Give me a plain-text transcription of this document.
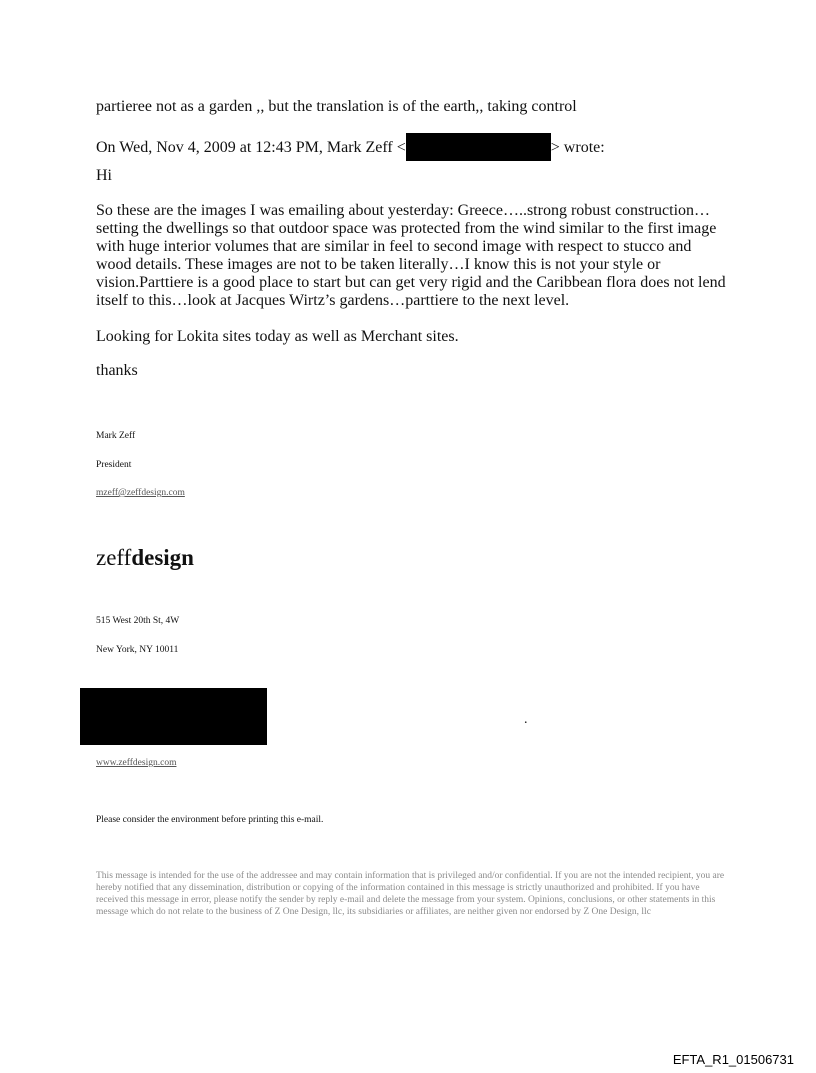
partieree not as a garden ,, but the translation is of the earth,, taking control
On Wed, Nov 4, 2009 at 12:43 PM, Mark Zeff <	> wrote:
Hi
So these are the images I was emailing about yesterday: Greece…..strong robust construction…setting the dwellings so that outdoor space was protected from the wind similar to the first image with huge interior volumes that are similar in feel to second image with respect to stucco and wood details. These images are not to be taken literally…I know this is not your style or vision.Parttiere is a good place to start but can get very rigid and the Caribbean flora does not lend itself to this…look at Jacques Wirtz’s gardens…parttiere to the next level.
Looking for Lokita sites today as well as Merchant sites.
thanks
Mark Zeff
President
mzeff@zeffdesign.com
zeffdesign
515 West 20th St, 4W
New York, NY 10011
.
www.zeffdesign.com
Please consider the environment before printing this e-mail.
This message is intended for the use of the addressee and may contain information that is privileged and/or confidential. If you are not the intended recipient, you are hereby notified that any dissemination, distribution or copying of the information contained in this message is strictly unauthorized and prohibited. If you have received this message in error, please notify the sender by reply e-mail and delete the message from your system. Opinions, conclusions, or other statements in this message which do not relate to the business of Z One Design, llc, its subsidiaries or affiliates, are neither given nor endorsed by Z One Design, llc
EFTA_R1_01506731
